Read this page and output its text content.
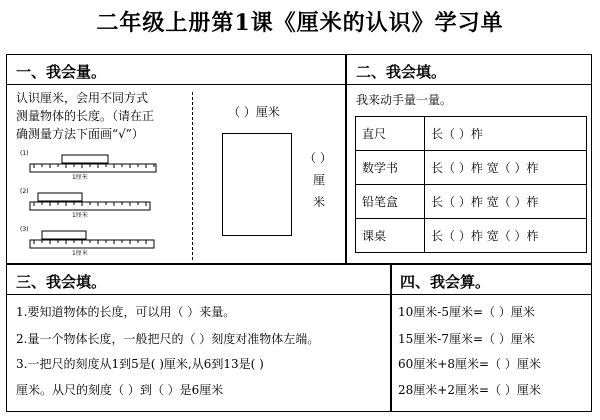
二年级上册第1课《厘米的认识》学习单
一、我会量。
认识厘米，会用不同方式
测量物体的长度。（请在正
确测量方法下面画“√”）
(1)
(2)
(3)
1厘米
1厘米
1厘米
（ ）厘米
（ ）
厘
米
二、我会填。
我来动手量一量。
直尺	长（ ）柞
数学书	长（ ）柞 宽（ ）柞
铅笔盒	长（ ）柞 宽（ ）柞
课桌	长（ ）柞 宽（ ）柞
三、我会填。
1.要知道物体的长度，可以用（ ）来量。
2.量一个物体长度，一般把尺的（ ）刻度对准物体左端。
3.一把尺的刻度从1到5是( )厘米,从6到13是( )
厘米。从尺的刻度（ ）到（ ）是6厘米
四、我会算。
10厘米-5厘米=（ ）厘米
15厘米-7厘米=（ ）厘米
60厘米+8厘米=（ ）厘米
28厘米+2厘米=（ ）厘米
